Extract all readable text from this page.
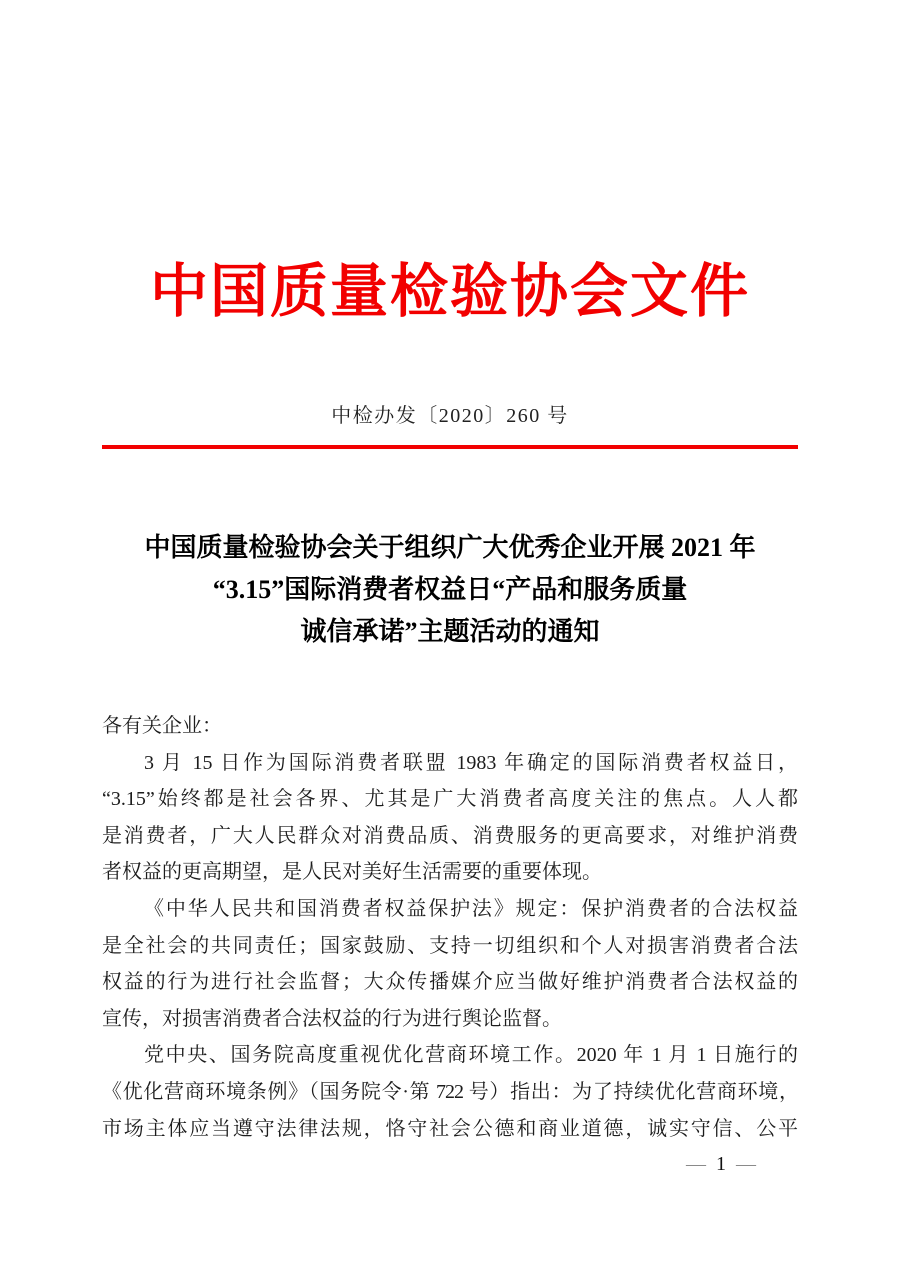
中国质量检验协会文件
中检办发〔2020〕260 号
中国质量检验协会关于组织广大优秀企业开展 2021 年
“3.15”国际消费者权益日“产品和服务质量
诚信承诺”主题活动的通知
各有关企业：
3 月 15 日作为国际消费者联盟 1983 年确定的国际消费者权益日，
“3.15”始终都是社会各界、尤其是广大消费者高度关注的焦点。人人都
是消费者，广大人民群众对消费品质、消费服务的更高要求，对维护消费
者权益的更高期望，是人民对美好生活需要的重要体现。
《中华人民共和国消费者权益保护法》规定：保护消费者的合法权益
是全社会的共同责任；国家鼓励、支持一切组织和个人对损害消费者合法
权益的行为进行社会监督；大众传播媒介应当做好维护消费者合法权益的
宣传，对损害消费者合法权益的行为进行舆论监督。
党中央、国务院高度重视优化营商环境工作。2020 年 1 月 1 日施行的
《优化营商环境条例》（国务院令·第 722 号）指出：为了持续优化营商环境，
市场主体应当遵守法律法规，恪守社会公德和商业道德，诚实守信、公平
— 1 —
